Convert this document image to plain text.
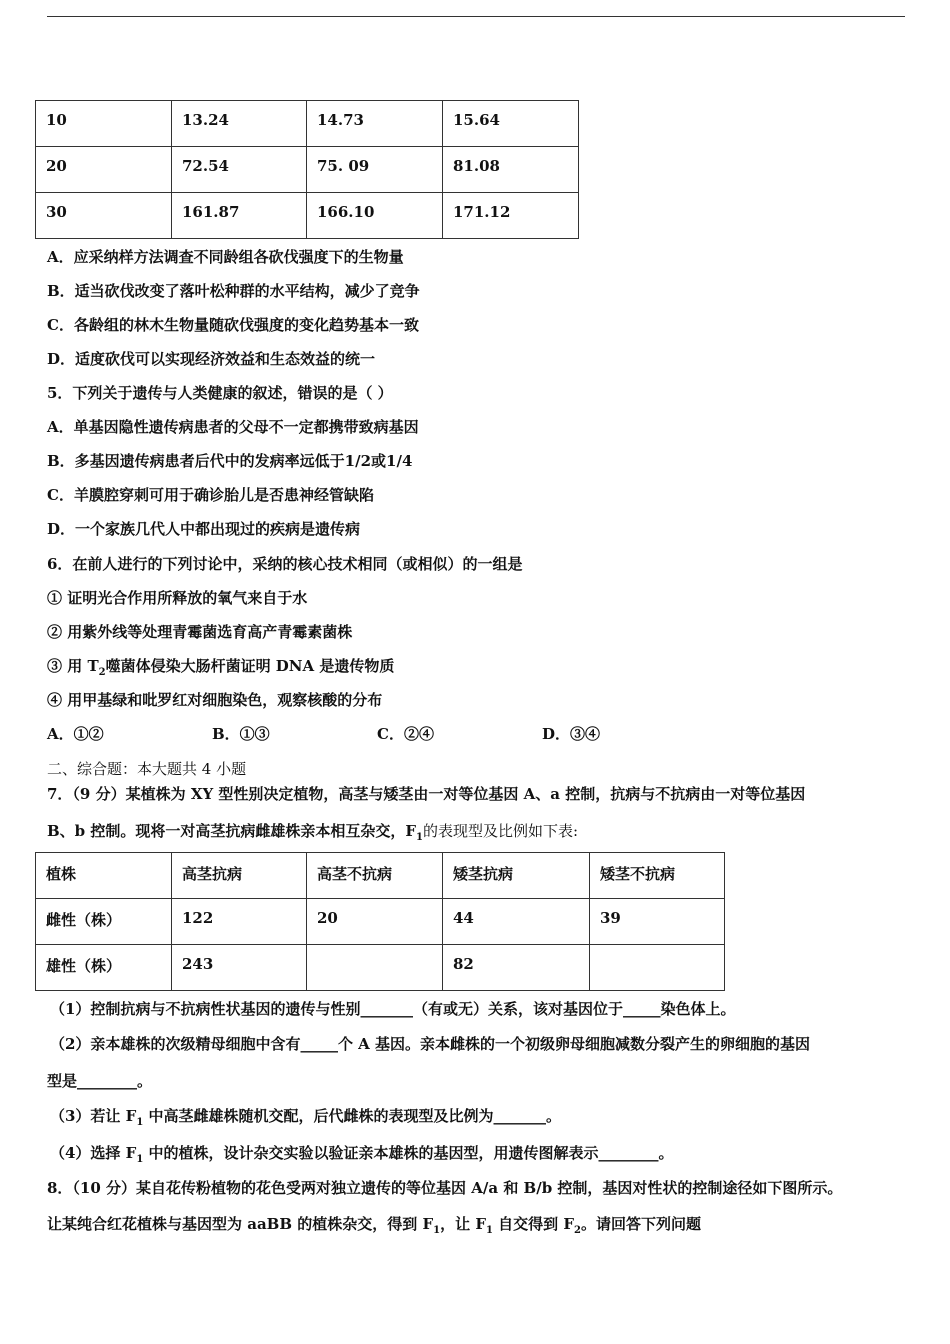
10	13.24	14.73	15.64
20	72.54	75. 09	81.08
30	161.87	166.10	171.12
A．应采纳样方法调查不同龄组各砍伐强度下的生物量
B．适当砍伐改变了落叶松种群的水平结构，减少了竞争
C．各龄组的林木生物量随砍伐强度的变化趋势基本一致
D．适度砍伐可以实现经济效益和生态效益的统一
5．下列关于遗传与人类健康的叙述，错误的是（ ）
A．单基因隐性遗传病患者的父母不一定都携带致病基因
B．多基因遗传病患者后代中的发病率远低于1/2或1/4
C．羊膜腔穿刺可用于确诊胎儿是否患神经管缺陷
D．一个家族几代人中都出现过的疾病是遗传病
6．在前人进行的下列讨论中，采纳的核心技术相同（或相似）的一组是
① 证明光合作用所释放的氧气来自于水
② 用紫外线等处理青霉菌选育高产青霉素菌株
③ 用 $T_2$噬菌体侵染大肠杆菌证明 DNA 是遗传物质
④ 用甲基绿和吡罗红对细胞染色，观察核酸的分布
A．①②	B．①③	C．②④	D．③④
二、综合题：本大题共 4 小题
7．（9 分）某植株为 XY 型性别决定植物，高茎与矮茎由一对等位基因 A、a 控制，抗病与不抗病由一对等位基因
B、b 控制。现将一对高茎抗病雌雄株亲本相互杂交，$F_1$的表现型及比例如下表:
植株	高茎抗病	高茎不抗病	矮茎抗病	矮茎不抗病
雌性（株）	122	20	44	39
雄性（株）	243		82	
（1）控制抗病与不抗病性状基因的遗传与性别_______（有或无）关系，该对基因位于_____染色体上。
（2）亲本雄株的次级精母细胞中含有_____个 A 基因。亲本雌株的一个初级卵母细胞减数分裂产生的卵细胞的基因
型是________。
（3）若让 $F_1$ 中高茎雌雄株随机交配，后代雌株的表现型及比例为_______。
（4）选择 $F_1$ 中的植株，设计杂交实验以验证亲本雄株的基因型，用遗传图解表示________。
8．（10 分）某自花传粉植物的花色受两对独立遗传的等位基因 A/a 和 B/b 控制，基因对性状的控制途径如下图所示。
让某纯合红花植株与基因型为 aaBB 的植株杂交，得到 $F_1$，让 $F_1$ 自交得到 $F_2$。请回答下列问题
